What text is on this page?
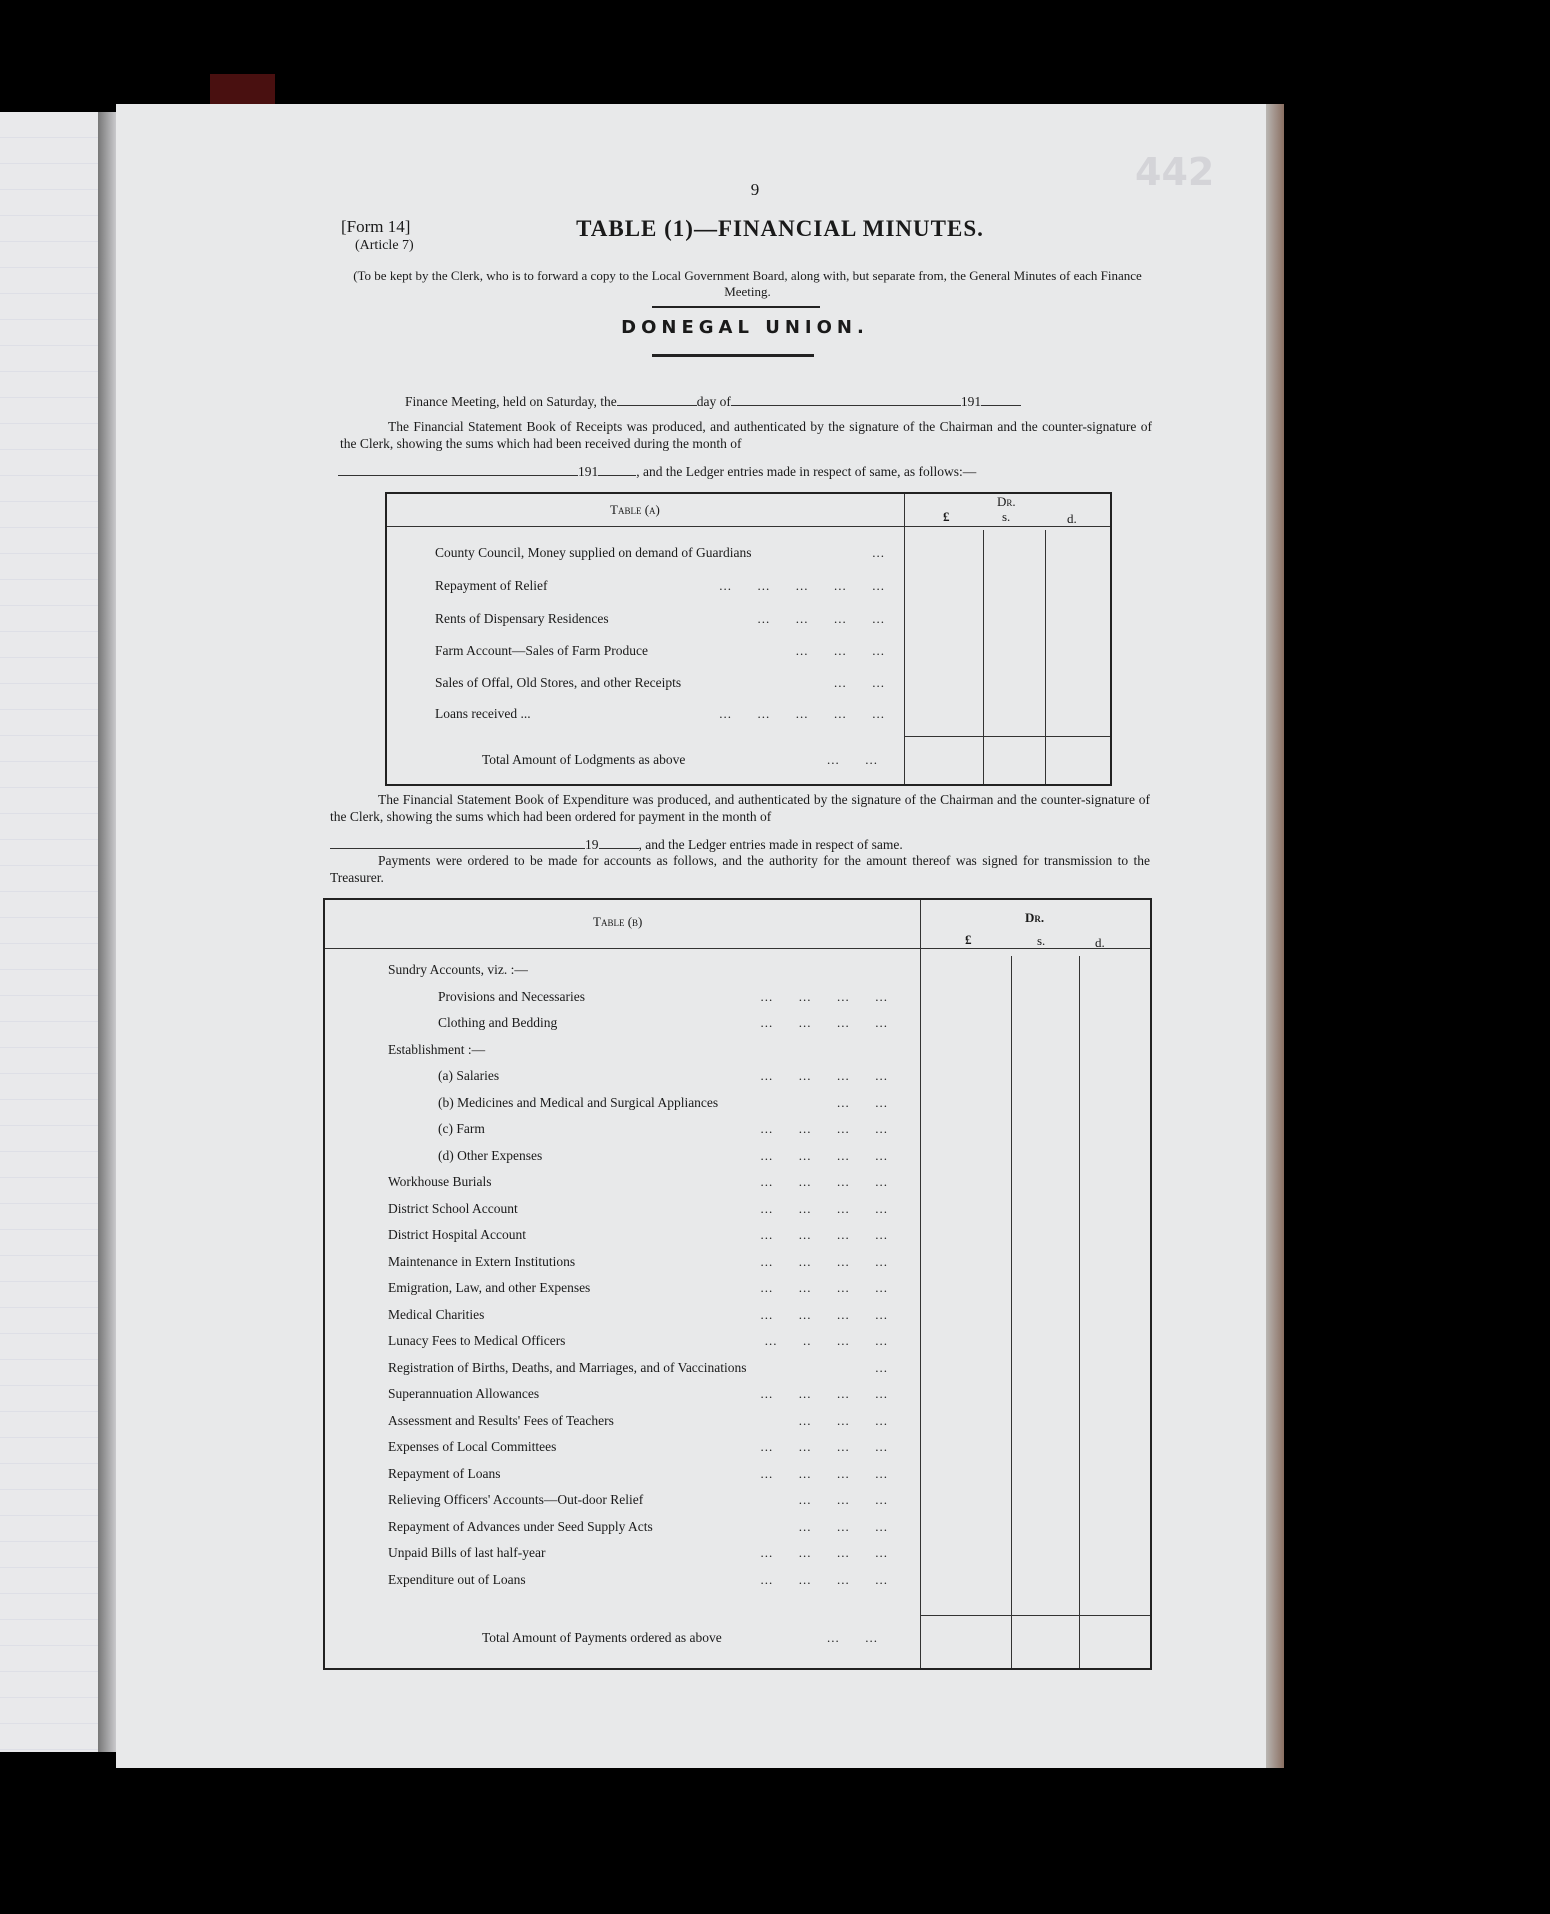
442
9
[Form 14]
(Article 7)
TABLE (1)—FINANCIAL MINUTES.
(To be kept by the Clerk, who is to forward a copy to the Local Government Board, along with, but separate from, the General Minutes of each Finance Meeting.
DONEGAL UNION.
Finance Meeting, held on Saturday, the	day of	191
The Financial Statement Book of Receipts was produced, and authenticated by the signature of the Chairman and the counter-signature of the Clerk, showing the sums which had been received during the month of
191	, and the Ledger entries made in respect of same, as follows:—
Table (a)
Dr.
£	s.	d.
County Council, Money supplied on demand of Guardians	...
Repayment of Relief	...      ...      ...      ...      ...
Rents of Dispensary Residences	...      ...      ...      ...
Farm Account—Sales of Farm Produce	...      ...      ...
Sales of Offal, Old Stores, and other Receipts	...      ...
Loans received ...	...      ...      ...      ...      ...
Total Amount of Lodgments as above	...      ...
The Financial Statement Book of Expenditure was produced, and authenticated by the signature of the Chairman and the counter-signature of the Clerk, showing the sums which had been ordered for payment in the month of
19	, and the Ledger entries made in respect of same.
Payments were ordered to be made for accounts as follows, and the authority for the amount thereof was signed for transmission to the Treasurer.
Table (b)	Dr.
£	s.	d.
Sundry Accounts, viz. :—
Provisions and Necessaries	...      ...      ...      ...
Clothing and Bedding	...      ...      ...      ...
Establishment :—
(a) Salaries	...      ...      ...      ...
(b) Medicines and Medical and Surgical Appliances	...      ...
(c) Farm	...      ...      ...      ...
(d) Other Expenses	...      ...      ...      ...
Workhouse Burials	...      ...      ...      ...
District School Account	...      ...      ...      ...
District Hospital Account	...      ...      ...      ...
Maintenance in Extern Institutions	...      ...      ...      ...
Emigration, Law, and other Expenses	...      ...      ...      ...
Medical Charities	...      ...      ...      ...
Lunacy Fees to Medical Officers	...      ..      ...      ...
Registration of Births, Deaths, and Marriages, and of Vaccinations	...
Superannuation Allowances	...      ...      ...      ...
Assessment and Results' Fees of Teachers	...      ...      ...
Expenses of Local Committees	...      ...      ...      ...
Repayment of Loans	...      ...      ...      ...
Relieving Officers' Accounts—Out-door Relief	...      ...      ...
Repayment of Advances under Seed Supply Acts	...      ...      ...
Unpaid Bills of last half-year	...      ...      ...      ...
Expenditure out of Loans	...      ...      ...      ...
Total Amount of Payments ordered as above	...      ...
